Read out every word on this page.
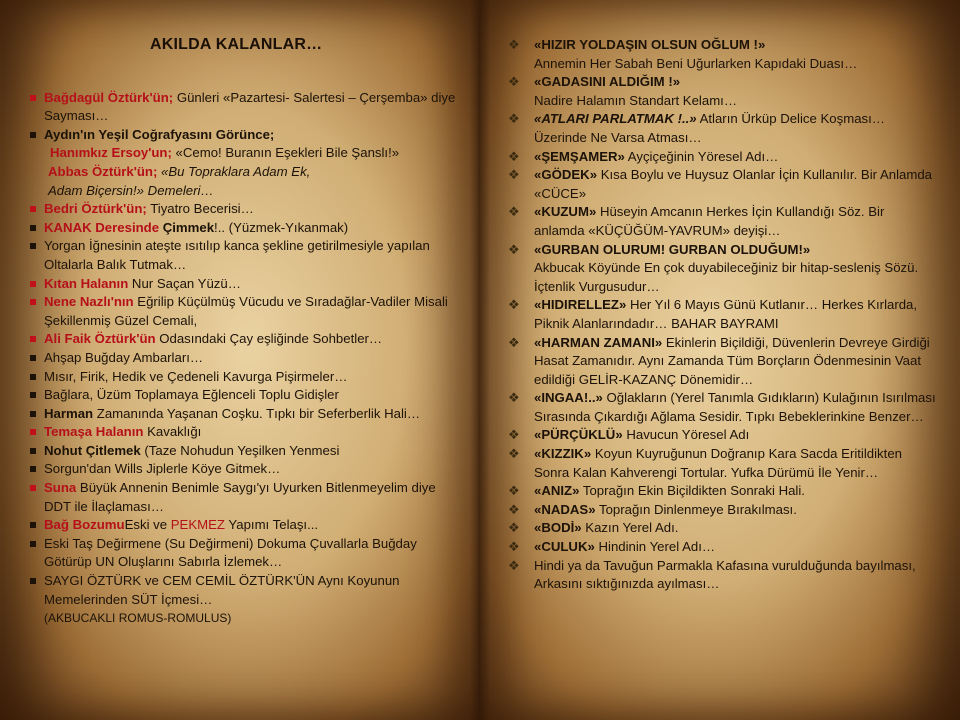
AKILDA KALANLAR…
Bağdagül Öztürk'ün; Günleri «Pazartesi- Salertesi – Çerşemba» diye Sayması…
Aydın'ın Yeşil Coğrafyasını Görünce;
Hanımkız Ersoy'un; «Cemo! Buranın Eşekleri Bile Şanslı!»
Abbas Öztürk'ün; «Bu Topraklara Adam Ek,
Adam Biçersin!» Demeleri…
Bedri Öztürk'ün; Tiyatro Becerisi…
KANAK Deresinde Çimmek!.. (Yüzmek-Yıkanmak)
Yorgan İğnesinin ateşte ısıtılıp kanca şekline getirilmesiyle yapılan Oltalarla Balık Tutmak…
Kıtan Halanın Nur Saçan Yüzü…
Nene Nazlı'nın Eğrilip Küçülmüş Vücudu ve Sıradağlar-Vadiler Misali Şekillenmiş Güzel Cemali,
Ali Faik Öztürk'ün Odasındaki Çay eşliğinde Sohbetler…
Ahşap Buğday Ambarları…
Mısır, Firik, Hedik ve Çedeneli Kavurga Pişirmeler…
Bağlara, Üzüm Toplamaya Eğlenceli Toplu Gidişler
Harman Zamanında Yaşanan Coşku. Tıpkı bir Seferberlik Hali…
Temaşa Halanın Kavaklığı
Nohut Çitlemek (Taze Nohudun Yeşilken Yenmesi
Sorgun'dan Wills Jiplerle Köye Gitmek…
Suna Büyük Annenin Benimle Saygı'yı Uyurken Bitlenmeyelim diye DDT ile İlaçlaması…
Bağ BozumuEski ve PEKMEZ Yapımı Telaşı...
Eski Taş Değirmene (Su Değirmeni) Dokuma Çuvallarla Buğday Götürüp UN Oluşlarını Sabırla İzlemek…
SAYGI ÖZTÜRK ve CEM CEMİL ÖZTÜRK'ÜN Aynı Koyunun Memelerinden SÜT İçmesi…
(AKBUCAKLI ROMUS-ROMULUS)
❖ «HIZIR YOLDAŞIN OLSUN OĞLUM !»
Annemin Her Sabah Beni Uğurlarken Kapıdaki Duası…
❖ «GADASINI ALDIĞIM !»
Nadire Halamın Standart Kelamı…
❖ «ATLARI PARLATMAK !..» Atların Ürküp Delice Koşması… Üzerinde Ne Varsa Atması…
❖ «ŞEMŞAMER» Ayçiçeğinin Yöresel Adı…
❖ «GÖDEK» Kısa Boylu ve Huysuz Olanlar İçin Kullanılır. Bir Anlamda «CÜCE»
❖ «KUZUM» Hüseyin Amcanın Herkes İçin Kullandığı Söz. Bir anlamda «KÜÇÜĞÜM-YAVRUM» deyişi…
❖ «GURBAN OLURUM! GURBAN OLDUĞUM!»
Akbucak Köyünde En çok duyabileceğiniz bir hitap-sesleniş Sözü. İçtenlik Vurgusudur…
❖ «HIDIRELLEZ» Her Yıl 6 Mayıs Günü Kutlanır… Herkes Kırlarda, Piknik Alanlarındadır… BAHAR BAYRAMI
❖ «HARMAN ZAMANI» Ekinlerin Biçildiği, Düvenlerin Devreye Girdiği Hasat Zamanıdır. Aynı Zamanda Tüm Borçların Ödenmesinin Vaat edildiği GELİR-KAZANÇ Dönemidir…
❖ «INGAA!..» Oğlakların (Yerel Tanımla Gıdıkların) Kulağının Isırılması Sırasında Çıkardığı Ağlama Sesidir. Tıpkı Bebeklerinkine Benzer…
❖ «PÜRÇÜKLÜ» Havucun Yöresel Adı
❖ «KIZZIK» Koyun Kuyruğunun Doğranıp Kara Sacda Eritildikten Sonra Kalan Kahverengi Tortular. Yufka Dürümü İle Yenir…
❖ «ANIZ» Toprağın Ekin Biçildikten Sonraki Hali.
❖ «NADAS» Toprağın Dinlenmeye Bırakılması.
❖ «BODİ» Kazın Yerel Adı.
❖ «CULUK» Hindinin Yerel Adı…
❖ Hindi ya da Tavuğun Parmakla Kafasına vurulduğunda bayılması, Arkasını sıktığınızda ayılması…
